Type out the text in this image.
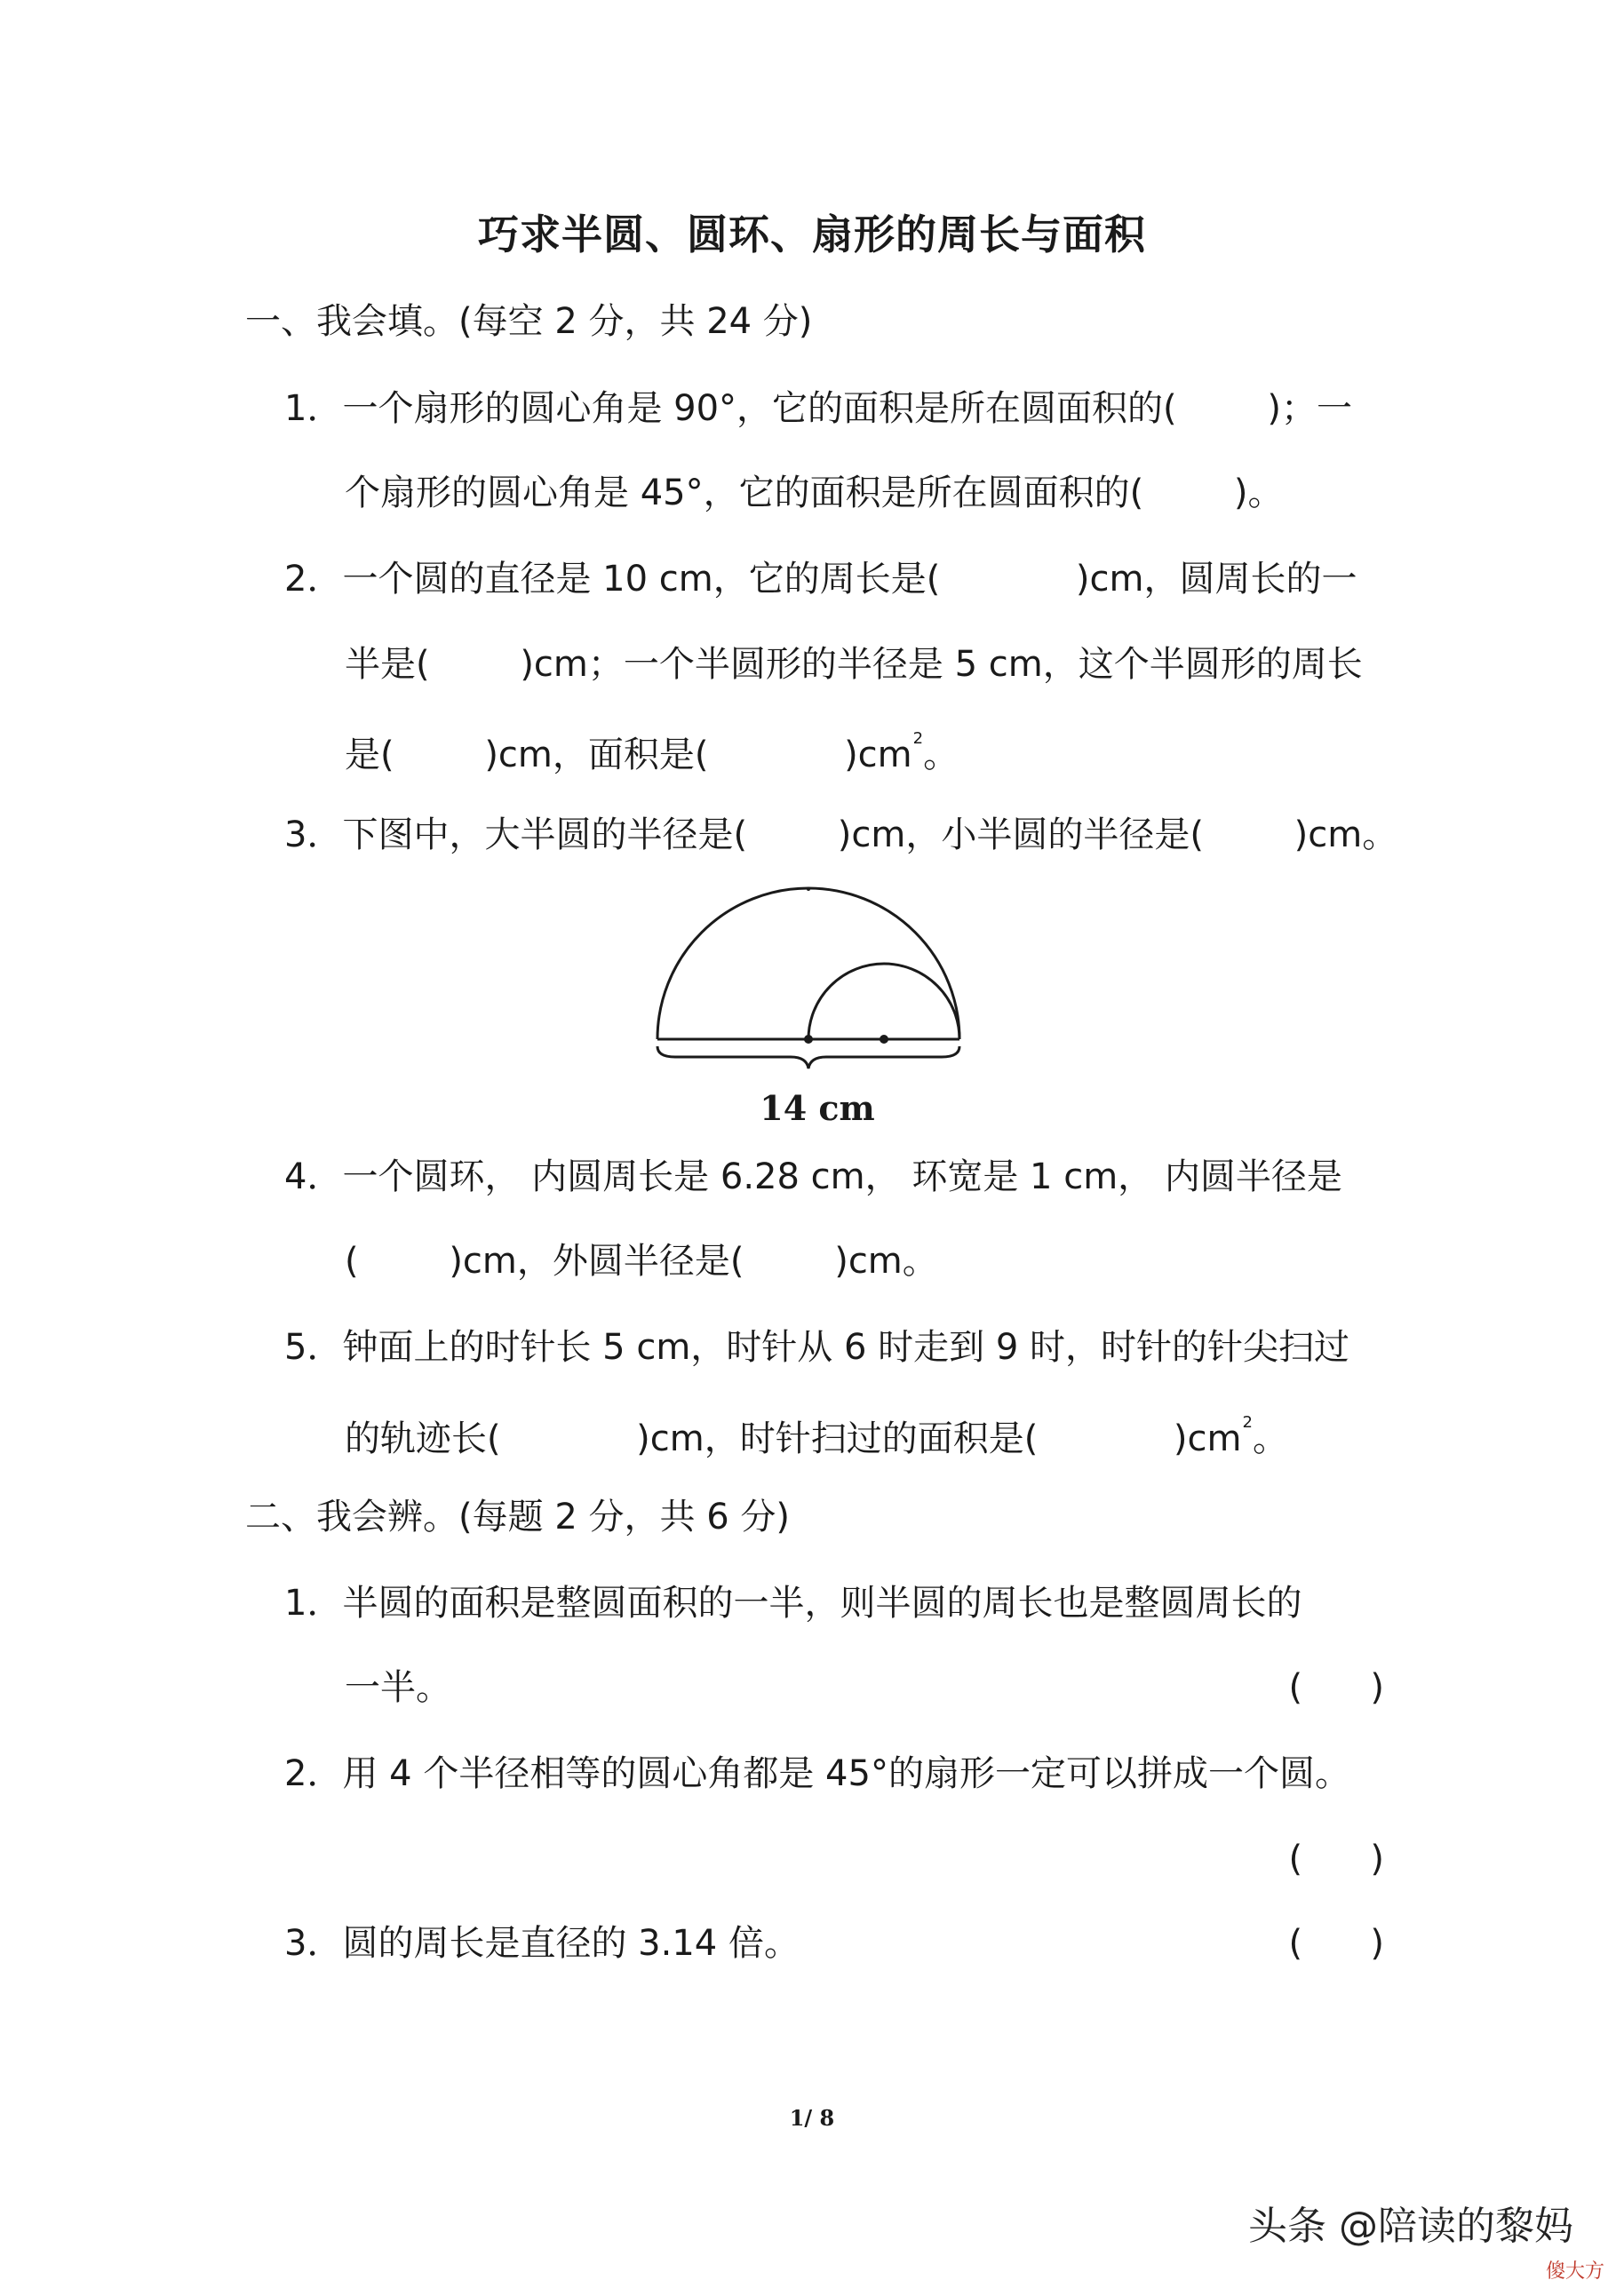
巧求半圆、圆环、扇形的周长与面积
一、我会填。(每空 2 分，共 24 分)
1．一个扇形的圆心角是 90°，它的面积是所在圆面积的(        )；一
个扇形的圆心角是 45°，它的面积是所在圆面积的(        )。
2．一个圆的直径是 10 cm，它的周长是(            )cm，圆周长的一
半是(        )cm；一个半圆形的半径是 5 cm，这个半圆形的周长
是(        )cm，面积是(            )$cm^2$。
3．下图中，大半圆的半径是(        )cm，小半圆的半径是(        )cm。
14 cm
4．一个圆环， 内圆周长是 6.28 cm， 环宽是 1 cm， 内圆半径是
(        )cm，外圆半径是(        )cm。
5．钟面上的时针长 5 cm，时针从 6 时走到 9 时，时针的针尖扫过
的轨迹长(            )cm，时针扫过的面积是(            )$cm^2$。
二、我会辨。(每题 2 分，共 6 分)
1．半圆的面积是整圆面积的一半，则半圆的周长也是整圆周长的
一半。	(      )
2．用 4 个半径相等的圆心角都是 45°的扇形一定可以拼成一个圆。
(      )
3．圆的周长是直径的 3.14 倍。	(      )
1/ 8
头条 @陪读的黎妈
傻大方
